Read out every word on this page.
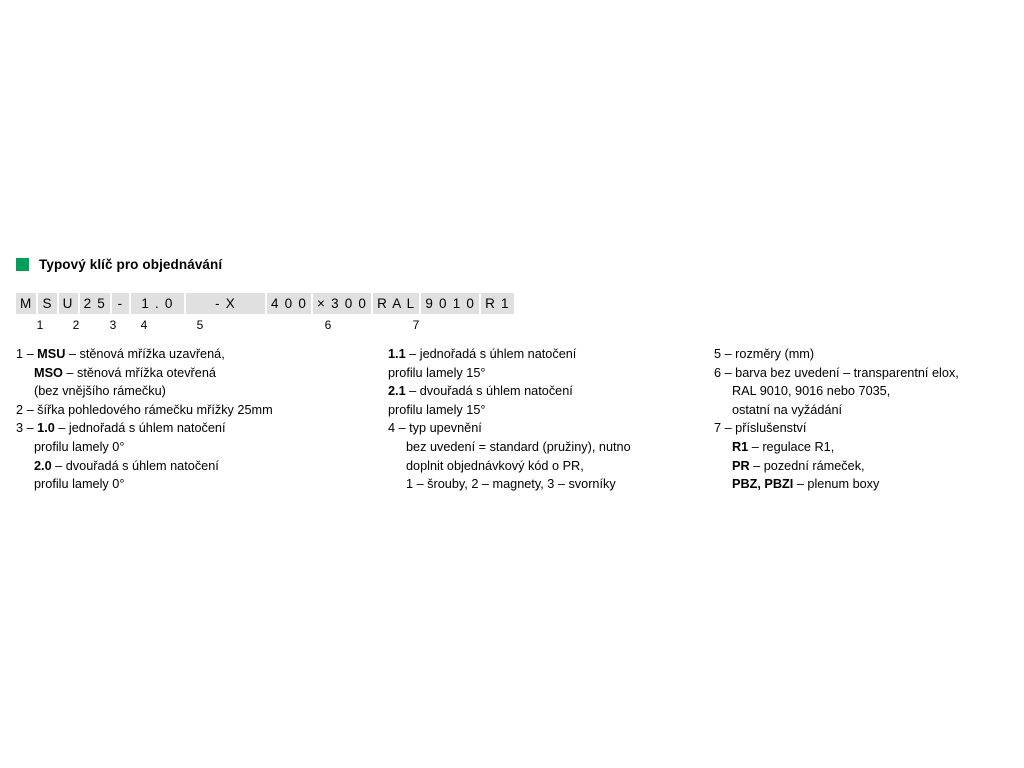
Typový klíč pro objednávání
M S U 2 5 -	1 . 0	- X	4 0 0 × 3 0 0 R A L 9 0 1 0 R 1
1 2	3 4	5	6	7
1 – MSU – stěnová mřížka uzavřená,
MSO – stěnová mřížka otevřená
(bez vnějšího rámečku)
2 – šířka pohledového rámečku mřížky 25mm
3 – 1.0 – jednořadá s úhlem natočení
profilu lamely 0°
2.0 – dvouřadá s úhlem natočení
profilu lamely 0°
1.1 – jednořadá s úhlem natočení
profilu lamely 15°
2.1 – dvouřadá s úhlem natočení
profilu lamely 15°
4 – typ upevnění
bez uvedení = standard (pružiny), nutno
doplnit objednávkový kód o PR,
1 – šrouby, 2 – magnety, 3 – svorníky
5 – rozměry (mm)
6 – barva bez uvedení – transparentní elox,
RAL 9010, 9016 nebo 7035,
ostatní na vyžádání
7 – příslušenství
R1 – regulace R1,
PR – pozední rámeček,
PBZ, PBZI – plenum boxy
